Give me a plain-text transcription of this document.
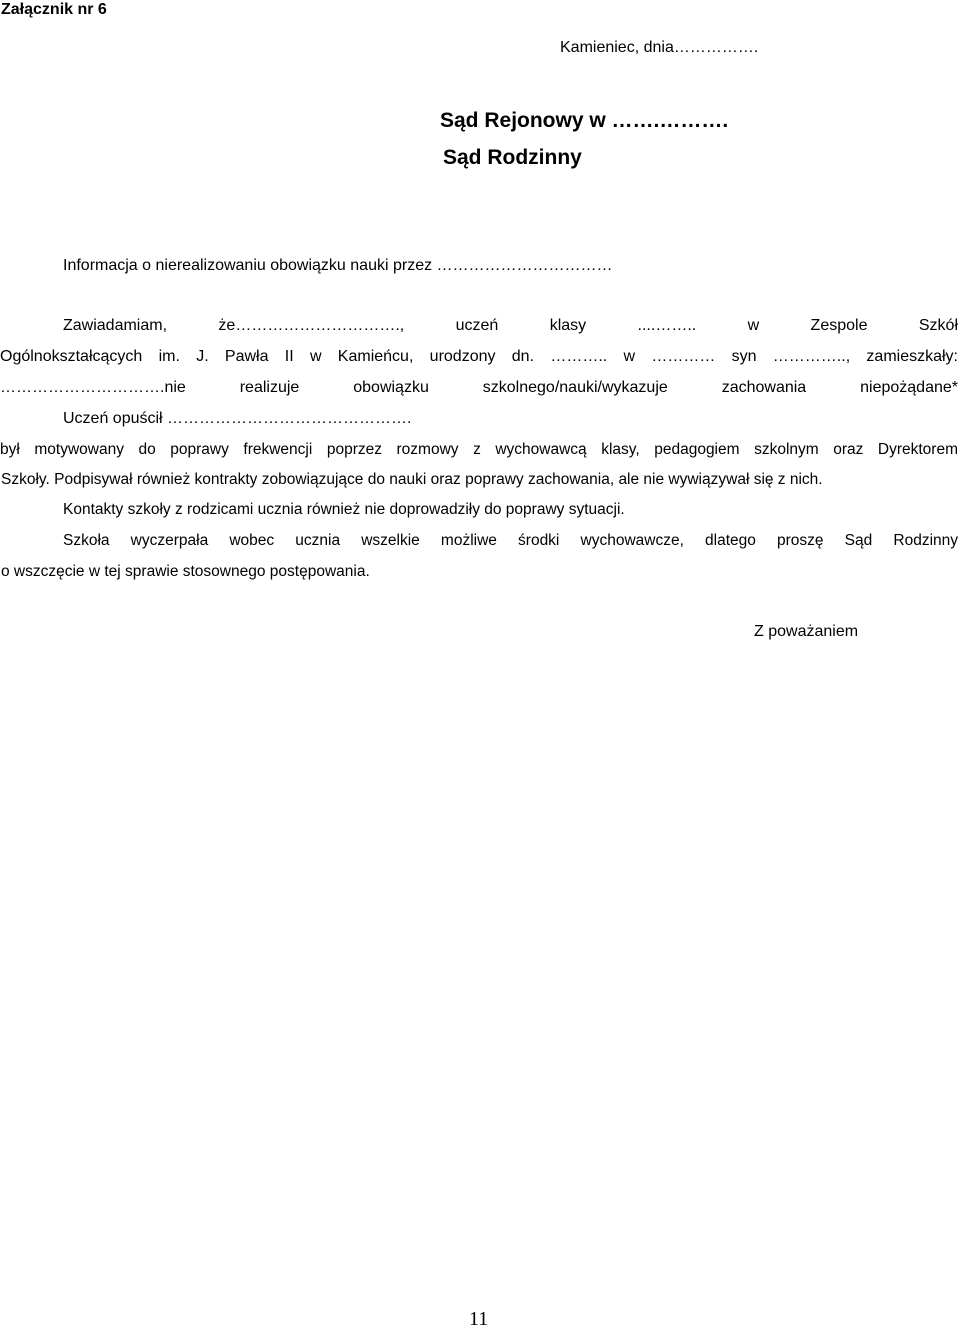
Załącznik nr 6
Kamieniec, dnia…………….
Sąd Rejonowy w …….……….
Sąd Rodzinny
Informacja o nierealizowaniu obowiązku nauki przez ……………………………
Zawiadamiam, że…………………………., uczeń klasy ....…….. w Zespole Szkół
Ogólnokształcących im. J. Pawła II w Kamieńcu, urodzony dn. ……….. w ………… syn ………….., zamieszkały:
………………………….nie realizuje obowiązku szkolnego/nauki/wykazuje zachowania niepożądane*
Uczeń opuścił ……………………………………….
był motywowany do poprawy frekwencji poprzez rozmowy z wychowawcą klasy, pedagogiem szkolnym oraz Dyrektorem
Szkoły. Podpisywał również kontrakty zobowiązujące do nauki oraz poprawy zachowania, ale nie wywiązywał się z nich.
Kontakty szkoły z rodzicami ucznia również nie doprowadziły do poprawy sytuacji.
Szkoła wyczerpała wobec ucznia wszelkie możliwe środki wychowawcze, dlatego proszę Sąd Rodzinny
o wszczęcie w tej sprawie stosownego postępowania.
Z poważaniem
11
